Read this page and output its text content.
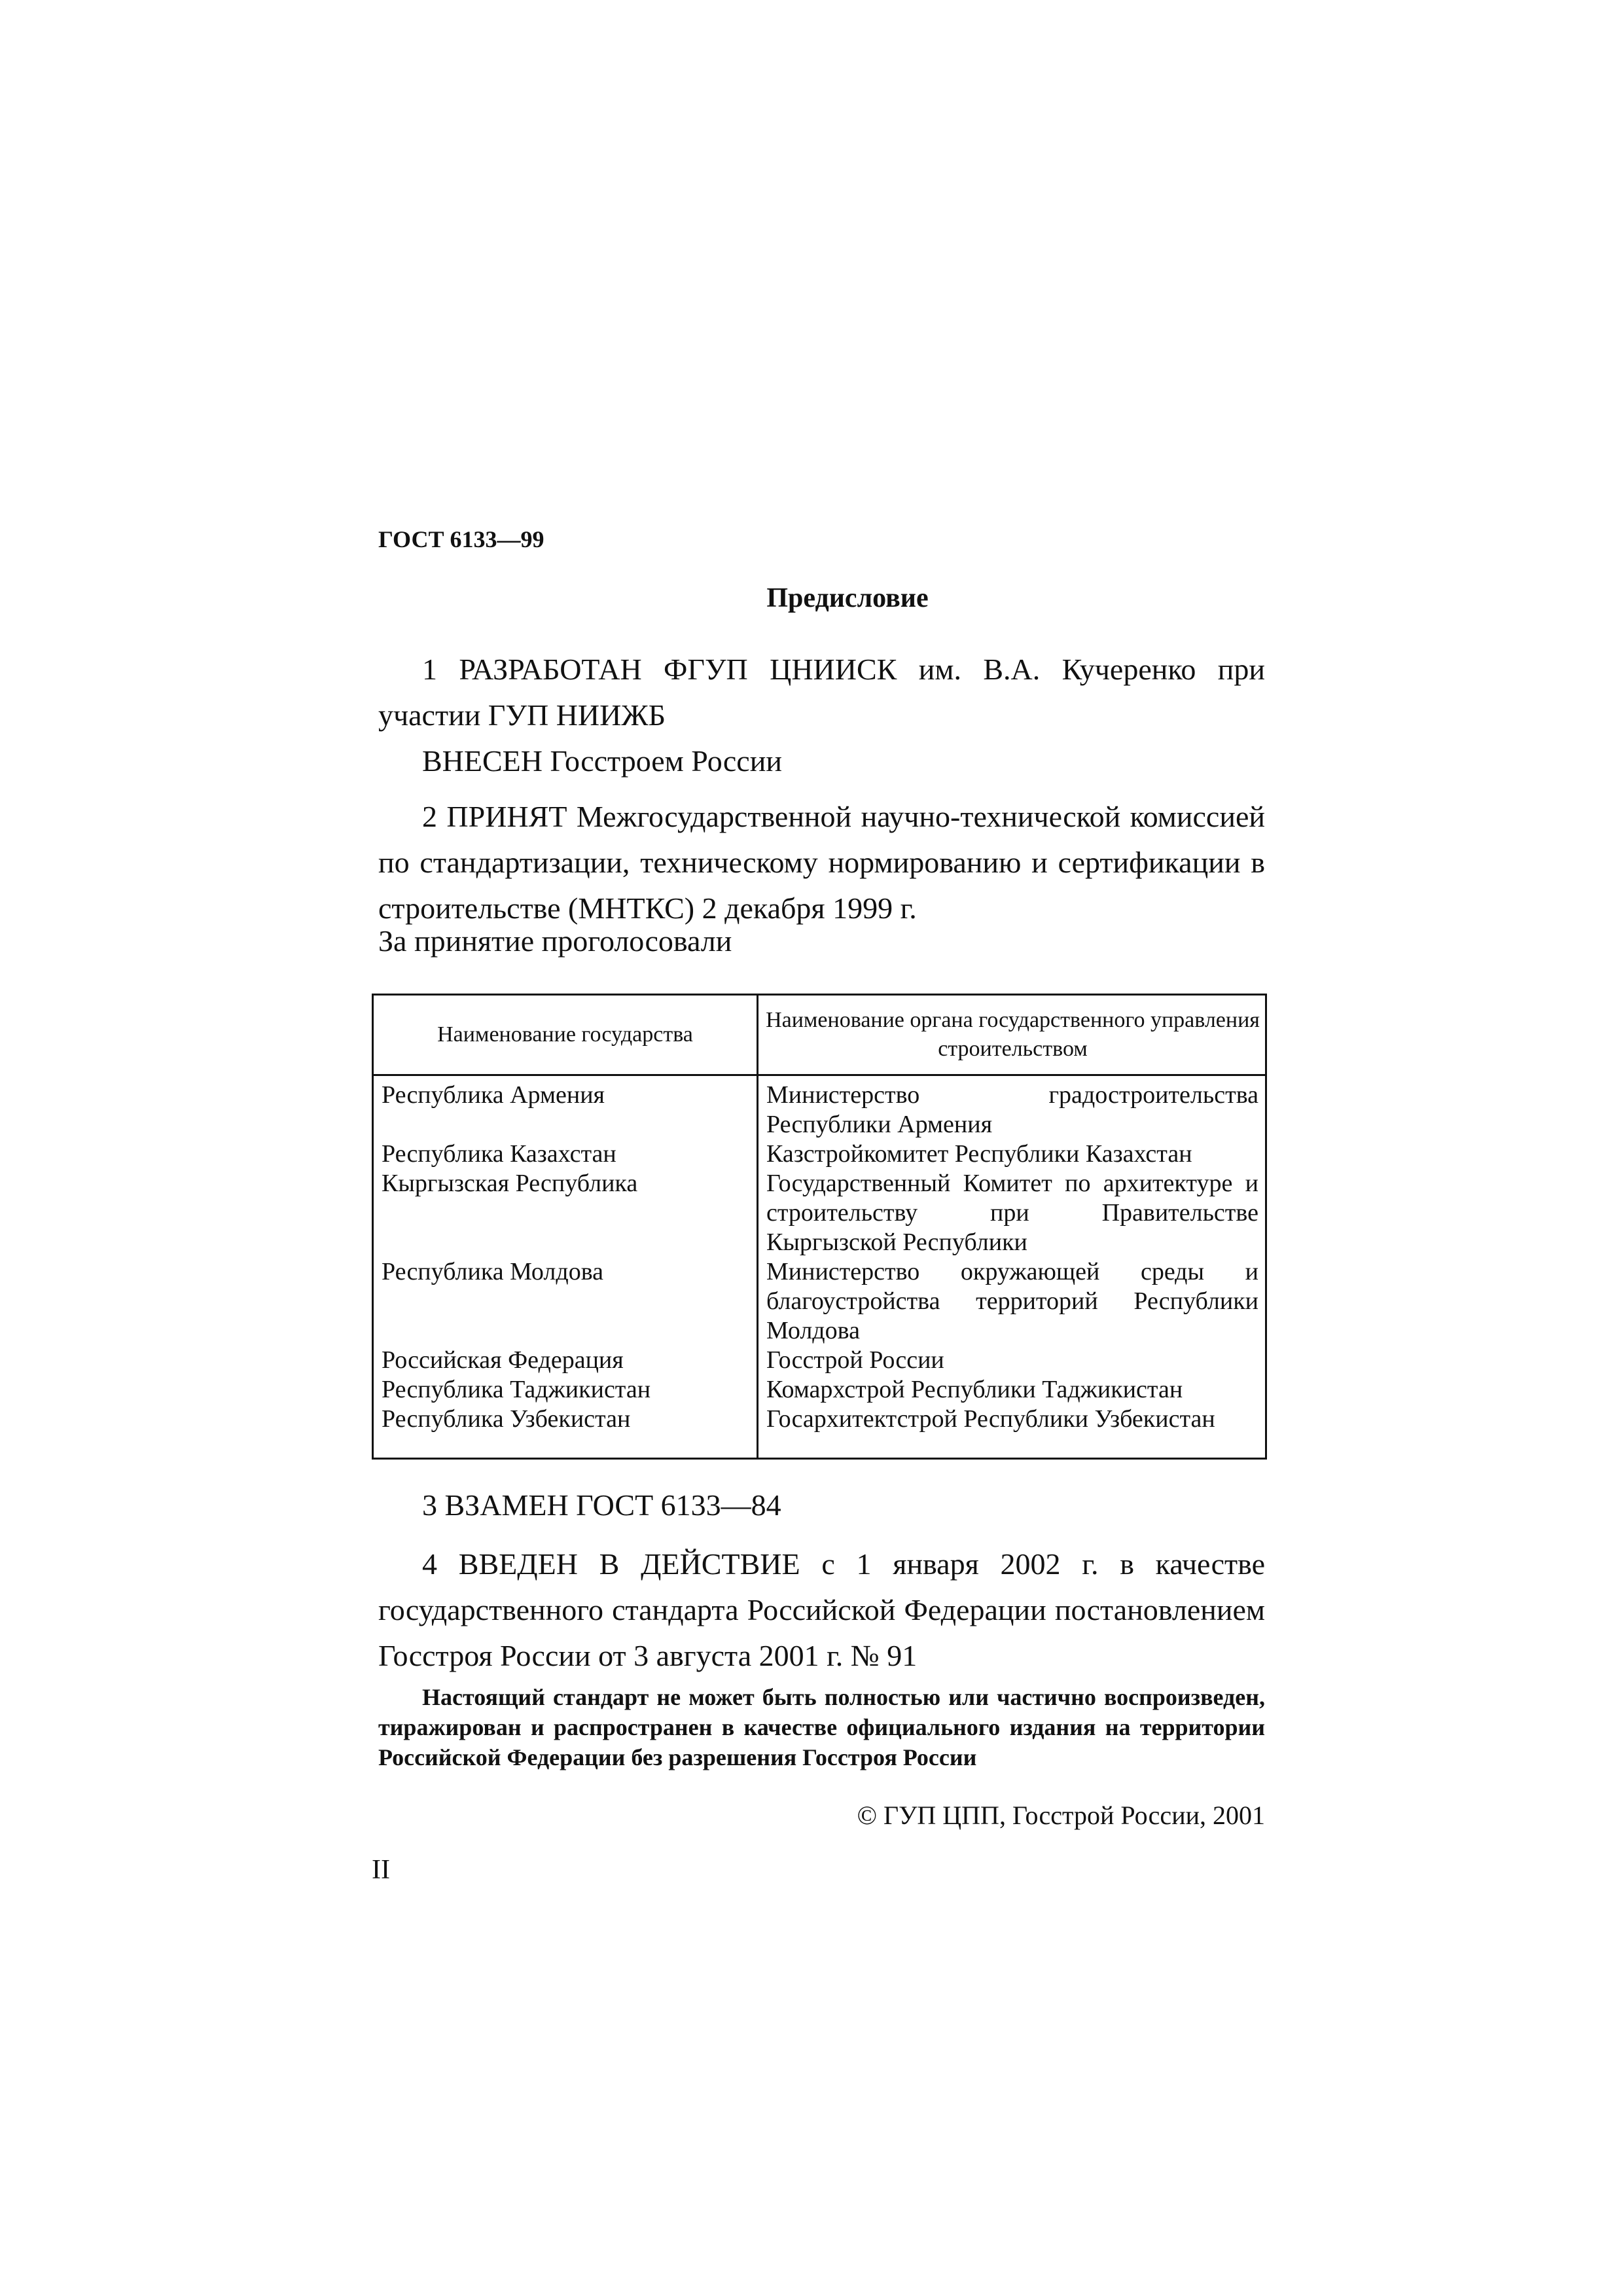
ГОСТ 6133—99
Предисловие
1 РАЗРАБОТАН ФГУП ЦНИИСК им. В.А. Кучеренко при участии ГУП НИИЖБ
ВНЕСЕН Госстроем России
2 ПРИНЯТ Межгосударственной научно-технической комиссией по стандартизации, техническому нормированию и сертификации в строительстве (МНТКС) 2 декабря 1999 г.
За принятие проголосовали
Наименование государства
Наименование органа государственного управления строительством
Республика Армения
Республика Казахстан
Кыргызская Республика
Республика Молдова
Российская Федерация
Республика Таджикистан
Республика Узбекистан
Министерство градостроительства Республики Армения
Казстройкомитет Республики Казахстан
Государственный Комитет по архитектуре и строительству при Правительстве Кыргызской Республики
Министерство окружающей среды и благоустройства территорий Республики Молдова
Госстрой России
Комархстрой Республики Таджикистан
Госархитектстрой Республики Узбекистан
3 ВЗАМЕН ГОСТ 6133—84
4 ВВЕДЕН В ДЕЙСТВИЕ с 1 января 2002 г. в качестве государственного стандарта Российской Федерации постановлением Госстроя России от 3 августа 2001 г. № 91
Настоящий стандарт не может быть полностью или частично воспроизведен, тиражирован и распространен в качестве официального издания на территории Российской Федерации без разрешения Госстроя России
© ГУП ЦПП, Госстрой России, 2001
II
